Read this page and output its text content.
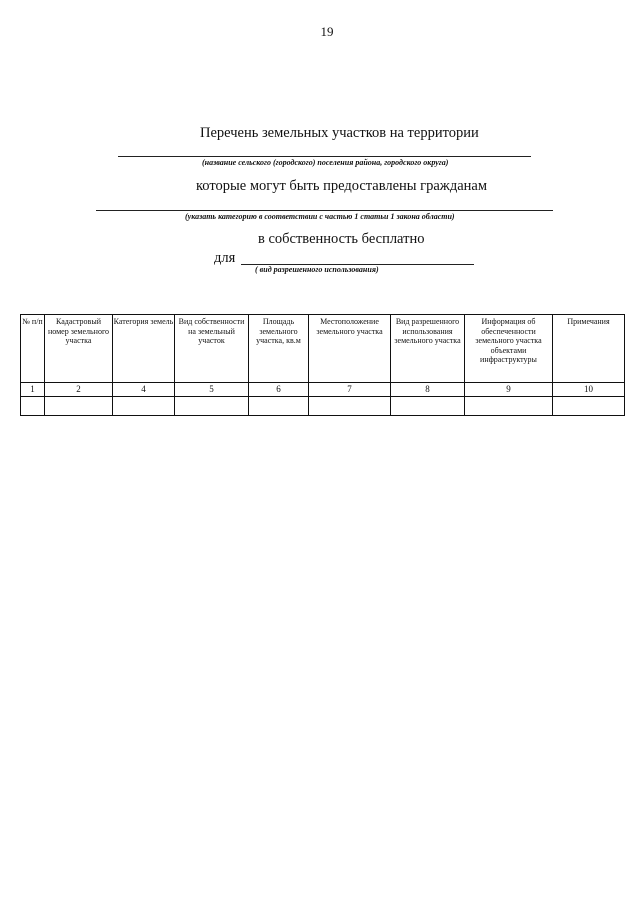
19
Перечень земельных участков на территории
(название сельского (городского) поселения района, городского округа)
которые могут быть предоставлены гражданам
(указать категорию в соответствии с частью 1 статьи 1 закона области)
в собственность бесплатно
для
( вид разрешенного использования)
№ п/п	Кадастровый номер земельного участка	Категория земель	Вид собственности на земельный участок	Площадь земельного участка, кв.м	Местоположение земельного участка	Вид разрешенного использования земельного участка	Информация об обеспеченности земельного участка объектами инфраструктуры	Примечания
1	2	4	5	6	7	8	9	10
